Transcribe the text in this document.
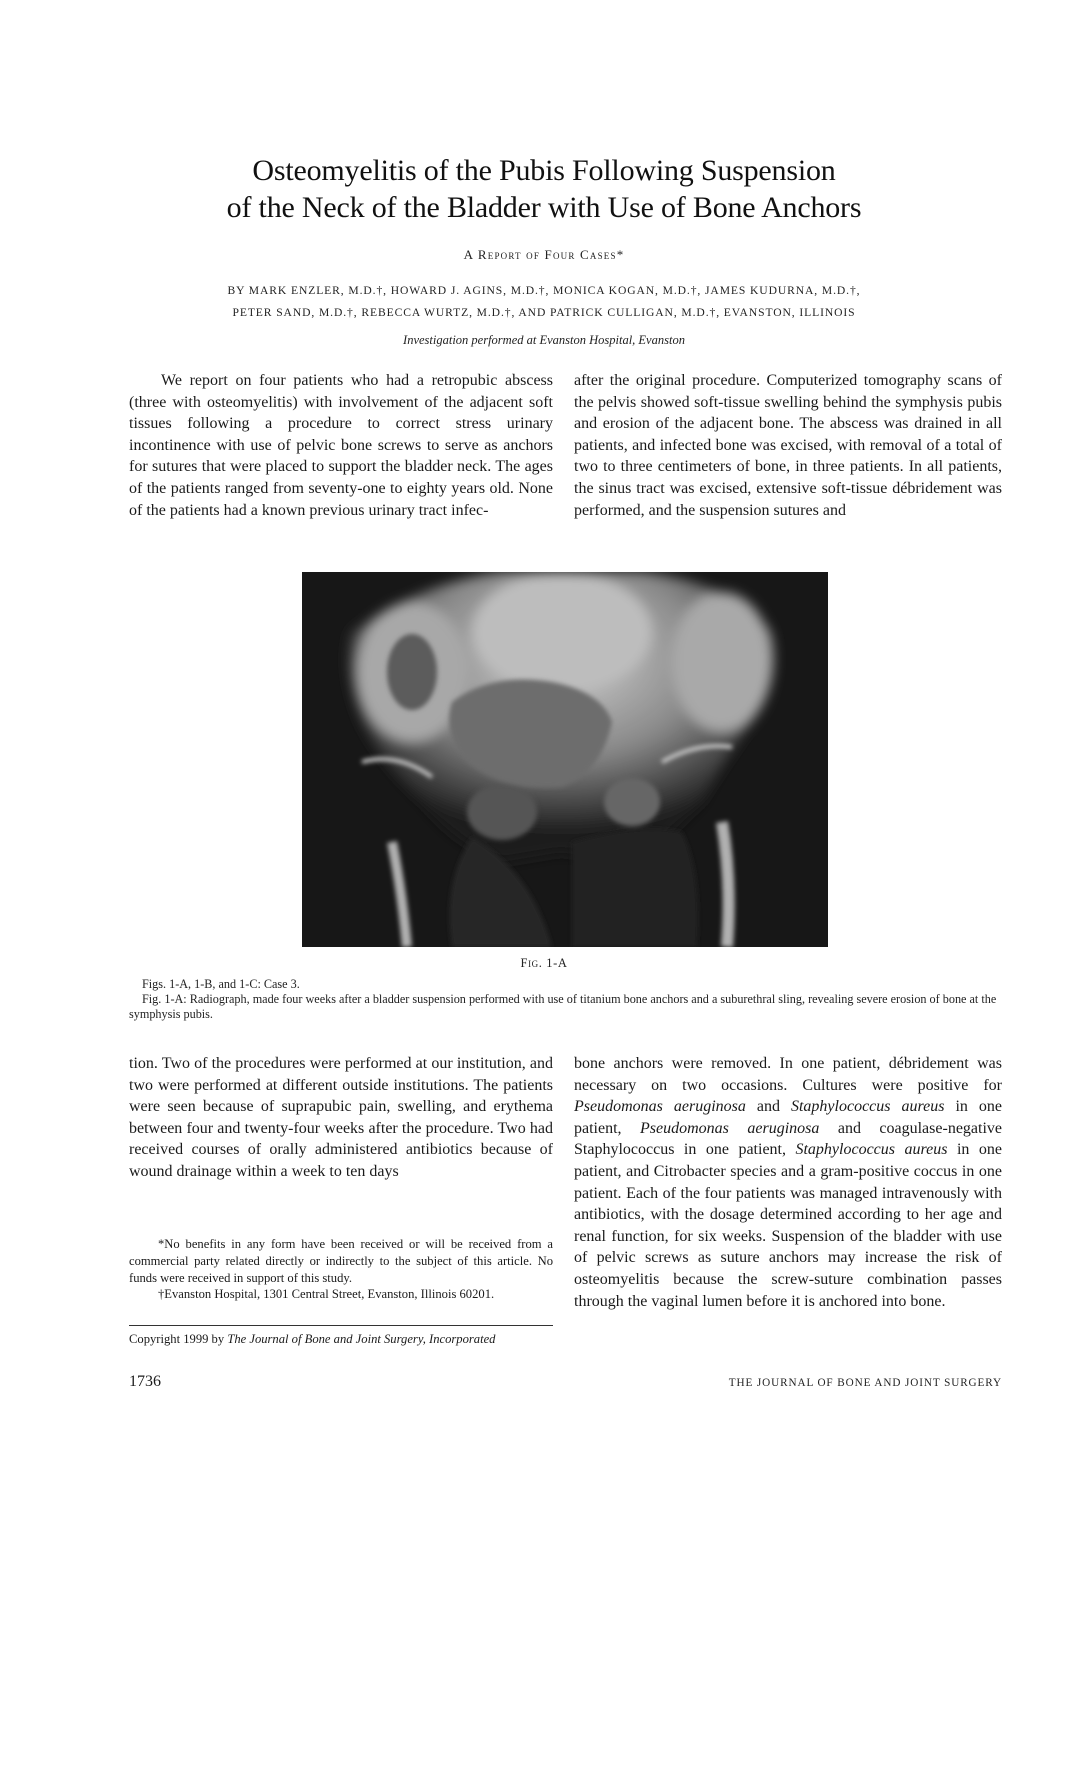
Osteomyelitis of the Pubis Following Suspension
of the Neck of the Bladder with Use of Bone Anchors
A Report of Four Cases*
BY MARK ENZLER, M.D.†, HOWARD J. AGINS, M.D.†, MONICA KOGAN, M.D.†, JAMES KUDURNA, M.D.†,
PETER SAND, M.D.†, REBECCA WURTZ, M.D.†, AND PATRICK CULLIGAN, M.D.†, EVANSTON, ILLINOIS
Investigation performed at Evanston Hospital, Evanston

We report on four patients who had a retropubic abscess (three with osteomyelitis) with involvement of the adjacent soft tissues following a procedure to correct stress urinary incontinence with use of pelvic bone screws to serve as anchors for sutures that were placed to support the bladder neck. The ages of the patients ranged from seventy-one to eighty years old. None of the patients had a known previous urinary tract infec-

after the original procedure. Computerized tomography scans of the pelvis showed soft-tissue swelling behind the symphysis pubis and erosion of the adjacent bone. The abscess was drained in all patients, and infected bone was excised, with removal of a total of two to three centimeters of bone, in three patients. In all patients, the sinus tract was excised, extensive soft-tissue débridement was performed, and the suspension sutures and

Fig. 1-A

Figs. 1-A, 1-B, and 1-C: Case 3.

Fig. 1-A: Radiograph, made four weeks after a bladder suspension performed with use of titanium bone anchors and a suburethral sling, revealing severe erosion of bone at the symphysis pubis.

tion. Two of the procedures were performed at our institution, and two were performed at different outside institutions. The patients were seen because of suprapubic pain, swelling, and erythema between four and twenty-four weeks after the procedure. Two had received courses of orally administered antibiotics because of wound drainage within a week to ten days

bone anchors were removed. In one patient, débridement was necessary on two occasions. Cultures were positive for Pseudomonas aeruginosa and Staphylococcus aureus in one patient, Pseudomonas aeruginosa and coagulase-negative Staphylococcus in one patient, Staphylococcus aureus in one patient, and Citrobacter species and a gram-positive coccus in one patient. Each of the four patients was managed intravenously with antibiotics, with the dosage determined according to her age and renal function, for six weeks. Suspension of the bladder with use of pelvic screws as suture anchors may increase the risk of osteomyelitis because the screw-suture combination passes through the vaginal lumen before it is anchored into bone.

*No benefits in any form have been received or will be received from a commercial party related directly or indirectly to the subject of this article. No funds were received in support of this study.

†Evanston Hospital, 1301 Central Street, Evanston, Illinois 60201.

Copyright 1999 by The Journal of Bone and Joint Surgery, Incorporated
1736	THE JOURNAL OF BONE AND JOINT SURGERY
